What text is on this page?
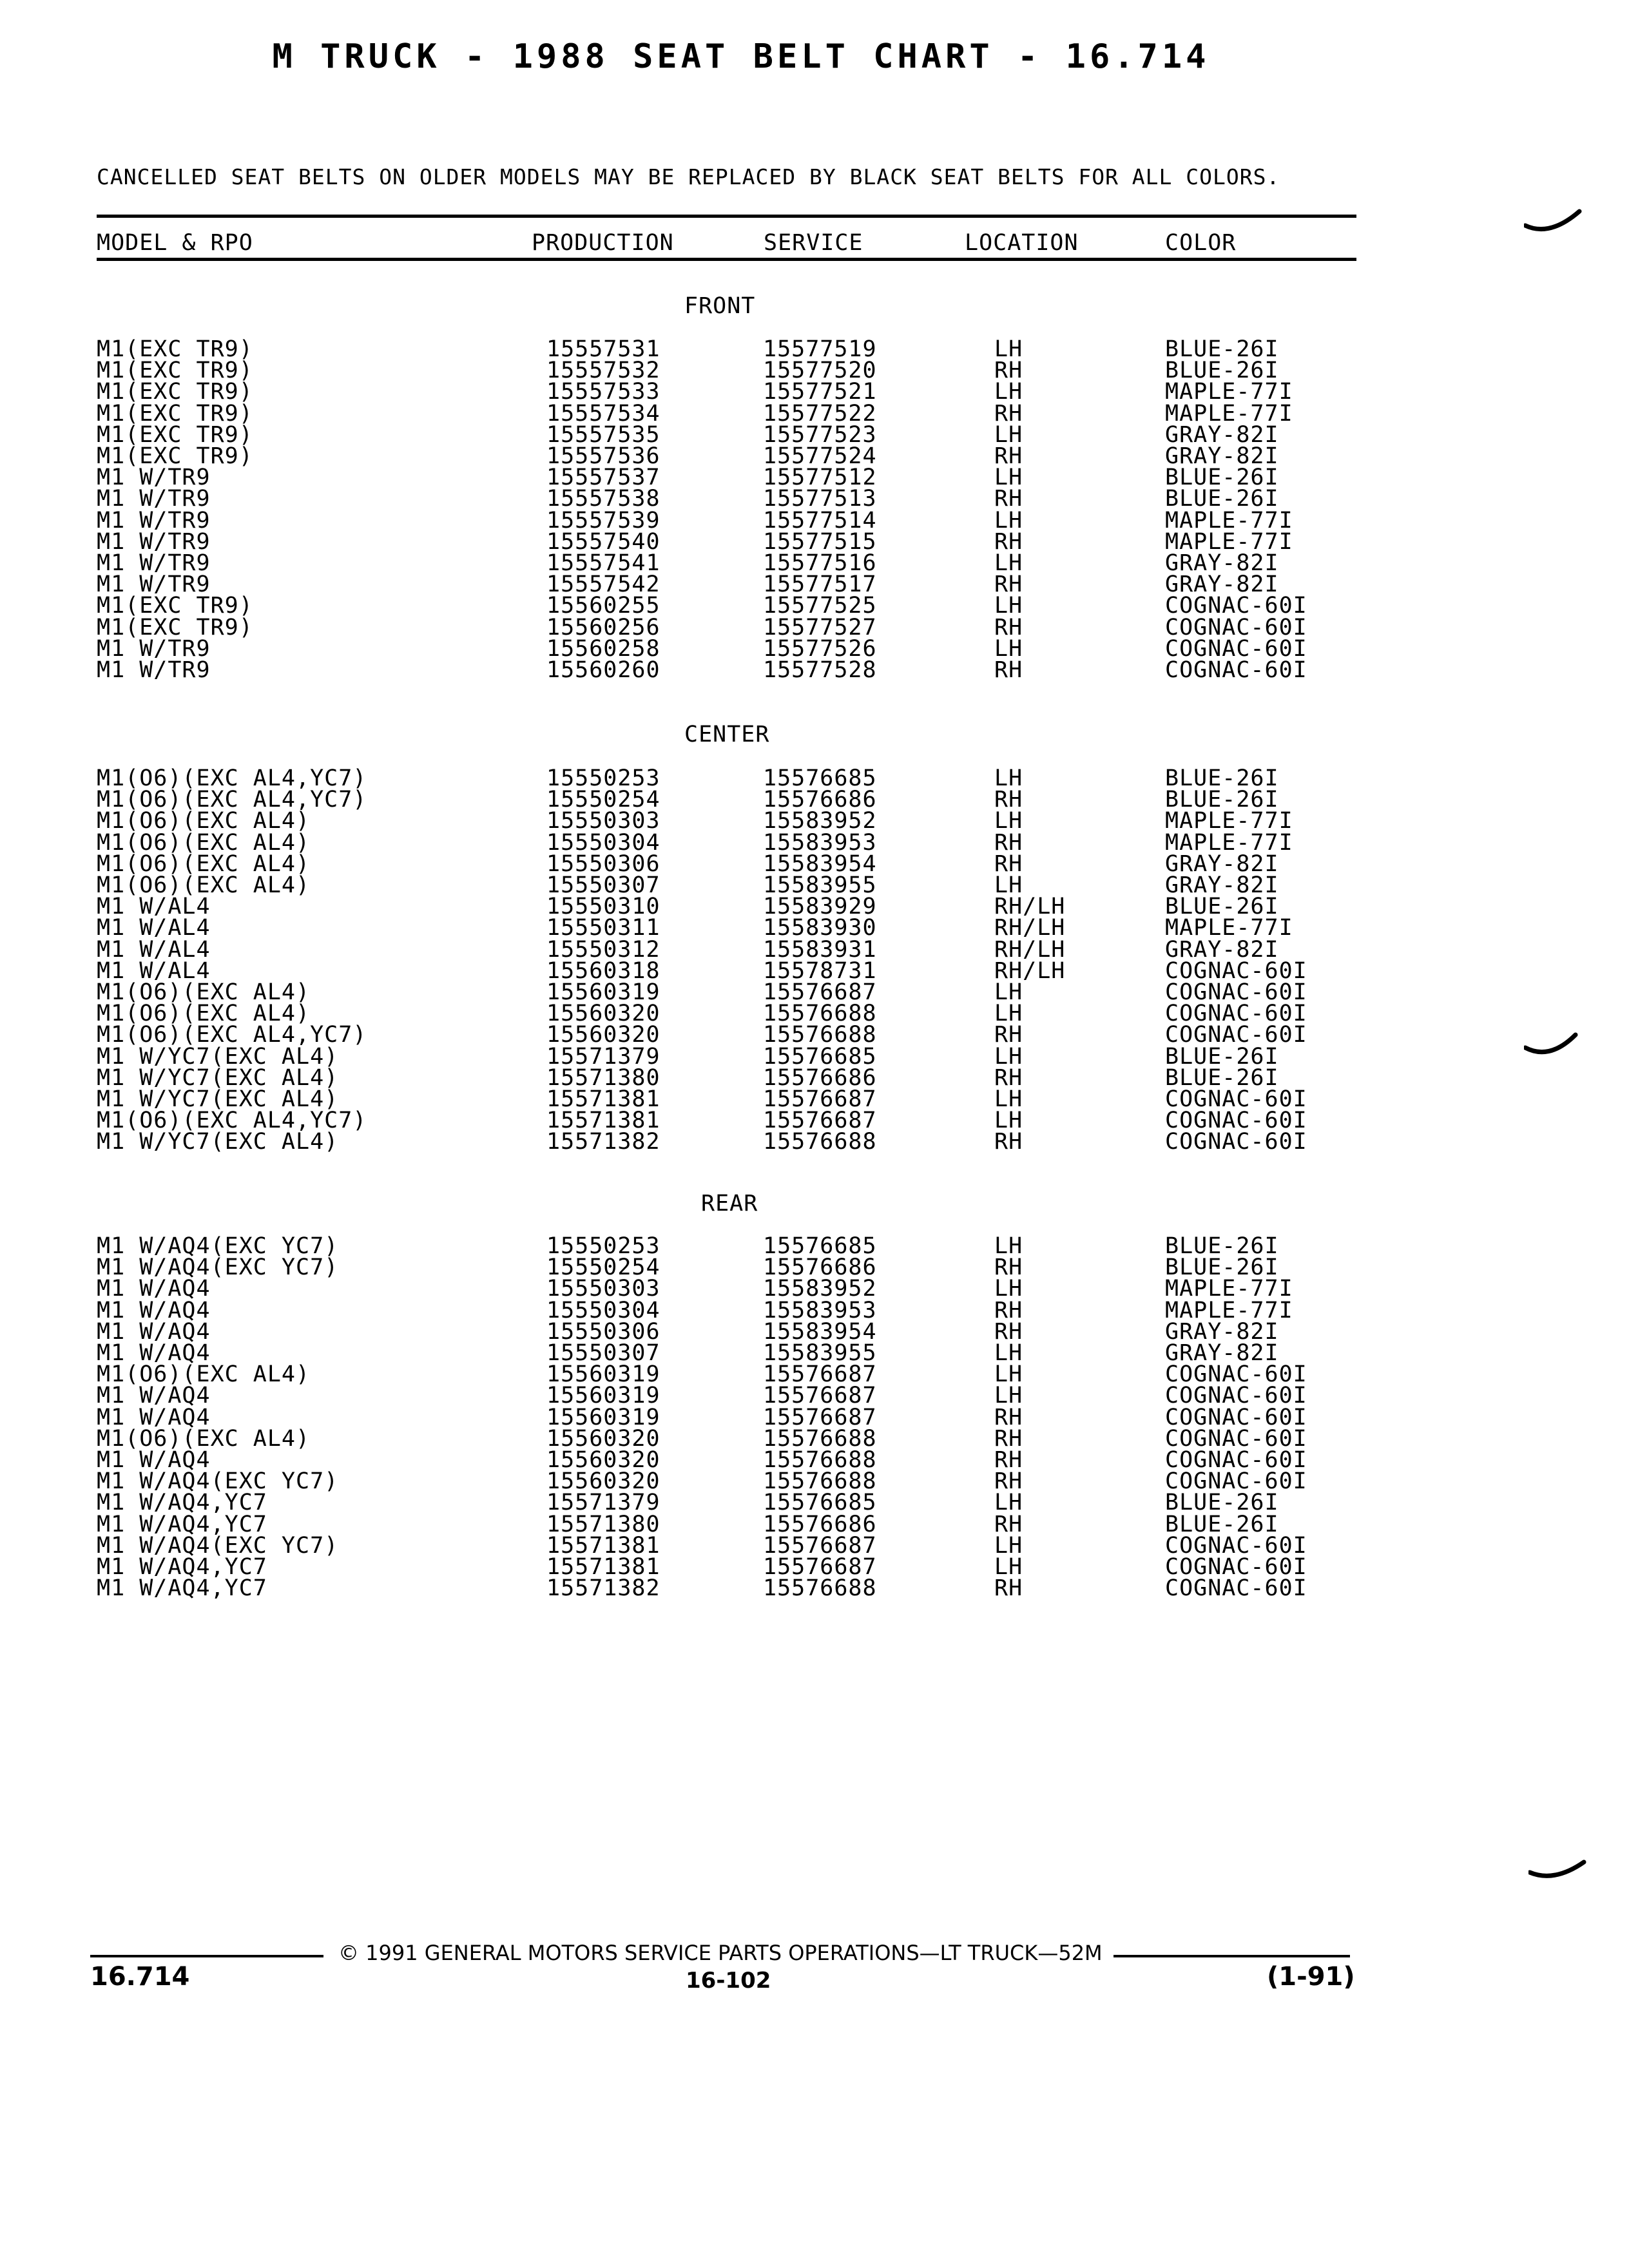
M TRUCK - 1988 SEAT BELT CHART - 16.714
CANCELLED SEAT BELTS ON OLDER MODELS MAY BE REPLACED BY BLACK SEAT BELTS FOR ALL COLORS.
MODEL & RPO	PRODUCTION	SERVICE	LOCATION	COLOR
FRONT
M1(EXC TR9)	15557531	15577519	LH	BLUE-26I
M1(EXC TR9)	15557532	15577520	RH	BLUE-26I
M1(EXC TR9)	15557533	15577521	LH	MAPLE-77I
M1(EXC TR9)	15557534	15577522	RH	MAPLE-77I
M1(EXC TR9)	15557535	15577523	LH	GRAY-82I
M1(EXC TR9)	15557536	15577524	RH	GRAY-82I
M1 W/TR9	15557537	15577512	LH	BLUE-26I
M1 W/TR9	15557538	15577513	RH	BLUE-26I
M1 W/TR9	15557539	15577514	LH	MAPLE-77I
M1 W/TR9	15557540	15577515	RH	MAPLE-77I
M1 W/TR9	15557541	15577516	LH	GRAY-82I
M1 W/TR9	15557542	15577517	RH	GRAY-82I
M1(EXC TR9)	15560255	15577525	LH	COGNAC-60I
M1(EXC TR9)	15560256	15577527	RH	COGNAC-60I
M1 W/TR9	15560258	15577526	LH	COGNAC-60I
M1 W/TR9	15560260	15577528	RH	COGNAC-60I
CENTER
M1(O6)(EXC AL4,YC7)	15550253	15576685	LH	BLUE-26I
M1(O6)(EXC AL4,YC7)	15550254	15576686	RH	BLUE-26I
M1(O6)(EXC AL4)	15550303	15583952	LH	MAPLE-77I
M1(O6)(EXC AL4)	15550304	15583953	RH	MAPLE-77I
M1(O6)(EXC AL4)	15550306	15583954	RH	GRAY-82I
M1(O6)(EXC AL4)	15550307	15583955	LH	GRAY-82I
M1 W/AL4	15550310	15583929	RH/LH	BLUE-26I
M1 W/AL4	15550311	15583930	RH/LH	MAPLE-77I
M1 W/AL4	15550312	15583931	RH/LH	GRAY-82I
M1 W/AL4	15560318	15578731	RH/LH	COGNAC-60I
M1(O6)(EXC AL4)	15560319	15576687	LH	COGNAC-60I
M1(O6)(EXC AL4)	15560320	15576688	LH	COGNAC-60I
M1(O6)(EXC AL4,YC7)	15560320	15576688	RH	COGNAC-60I
M1 W/YC7(EXC AL4)	15571379	15576685	LH	BLUE-26I
M1 W/YC7(EXC AL4)	15571380	15576686	RH	BLUE-26I
M1 W/YC7(EXC AL4)	15571381	15576687	LH	COGNAC-60I
M1(O6)(EXC AL4,YC7)	15571381	15576687	LH	COGNAC-60I
M1 W/YC7(EXC AL4)	15571382	15576688	RH	COGNAC-60I
REAR
M1 W/AQ4(EXC YC7)	15550253	15576685	LH	BLUE-26I
M1 W/AQ4(EXC YC7)	15550254	15576686	RH	BLUE-26I
M1 W/AQ4	15550303	15583952	LH	MAPLE-77I
M1 W/AQ4	15550304	15583953	RH	MAPLE-77I
M1 W/AQ4	15550306	15583954	RH	GRAY-82I
M1 W/AQ4	15550307	15583955	LH	GRAY-82I
M1(O6)(EXC AL4)	15560319	15576687	LH	COGNAC-60I
M1 W/AQ4	15560319	15576687	LH	COGNAC-60I
M1 W/AQ4	15560319	15576687	RH	COGNAC-60I
M1(O6)(EXC AL4)	15560320	15576688	RH	COGNAC-60I
M1 W/AQ4	15560320	15576688	RH	COGNAC-60I
M1 W/AQ4(EXC YC7)	15560320	15576688	RH	COGNAC-60I
M1 W/AQ4,YC7	15571379	15576685	LH	BLUE-26I
M1 W/AQ4,YC7	15571380	15576686	RH	BLUE-26I
M1 W/AQ4(EXC YC7)	15571381	15576687	LH	COGNAC-60I
M1 W/AQ4,YC7	15571381	15576687	LH	COGNAC-60I
M1 W/AQ4,YC7	15571382	15576688	RH	COGNAC-60I
© 1991 GENERAL MOTORS SERVICE PARTS OPERATIONS—LT TRUCK—52M
16.714	16-102	(1-91)
